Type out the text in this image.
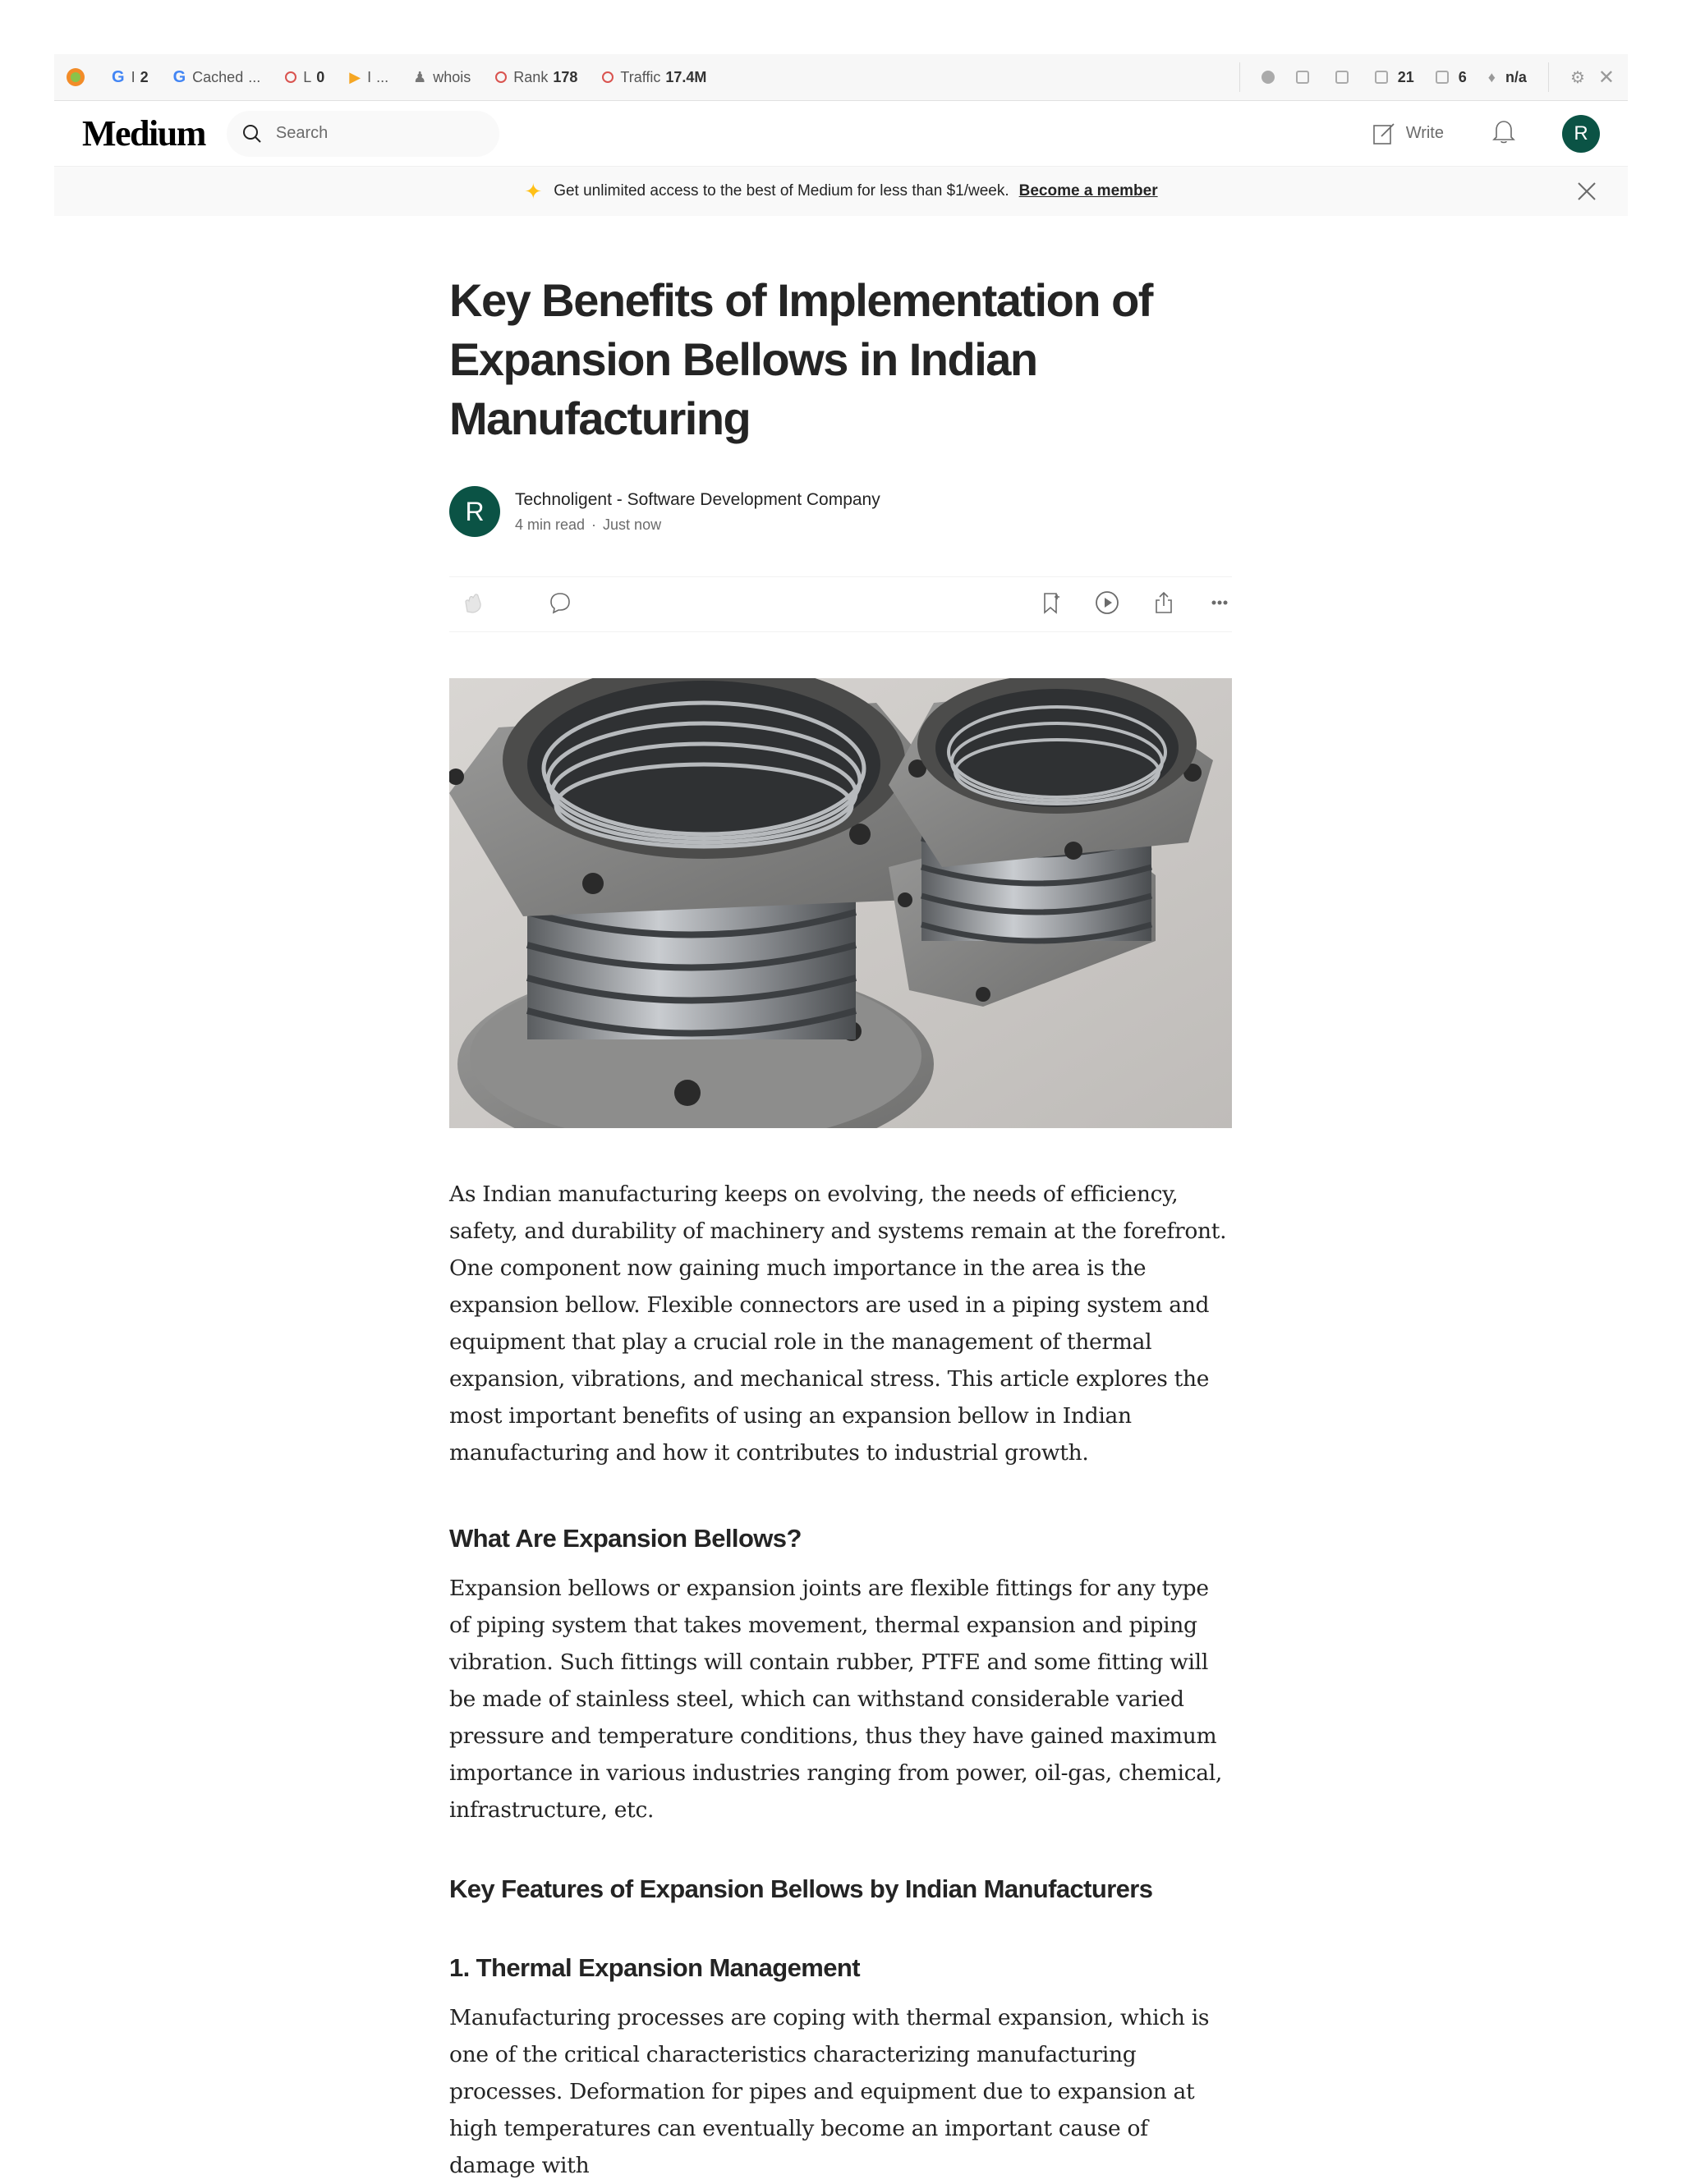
G I 2 G Cached ...	L 0 ▶ I ... ♟ whois	Rank 178	Traffic 17.4M	21	6 ♦ n/a	⚙ ✕
Medium
Search	Write	R
✦ Get unlimited access to the best of Medium for less than $1/week. Become a member
Key Benefits of Implementation of Expansion Bellows in Indian Manufacturing
R	Technoligent - Software Development Company
4 min read · Just now

As Indian manufacturing keeps on evolving, the needs of efficiency, safety, and durability of machinery and systems remain at the forefront. One component now gaining much importance in the area is the expansion bellow. Flexible connectors are used in a piping system and equipment that play a crucial role in the management of thermal expansion, vibrations, and mechanical stress. This article explores the most important benefits of using an expansion bellow in Indian manufacturing and how it contributes to industrial growth.

What Are Expansion Bellows?

Expansion bellows or expansion joints are flexible fittings for any type of piping system that takes movement, thermal expansion and piping vibration. Such fittings will contain rubber, PTFE and some fitting will be made of stainless steel, which can withstand considerable varied pressure and temperature conditions, thus they have gained maximum importance in various industries ranging from power, oil-gas, chemical, infrastructure, etc.

Key Features of Expansion Bellows by Indian Manufacturers
1. Thermal Expansion Management

Manufacturing processes are coping with thermal expansion, which is one of the critical characteristics characterizing manufacturing processes. Deformation for pipes and equipment due to expansion at high temperatures can eventually become an important cause of damage with
